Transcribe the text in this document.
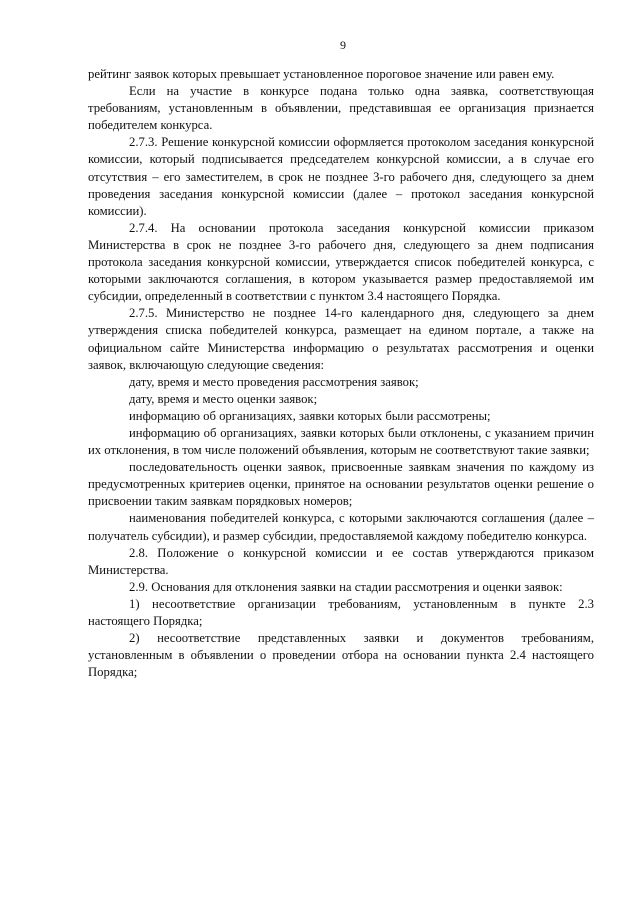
9

рейтинг заявок которых превышает установленное пороговое значение или равен ему.

Если на участие в конкурсе подана только одна заявка, соответствующая требованиям, установленным в объявлении, представившая ее организация признается победителем конкурса.

2.7.3. Решение конкурсной комиссии оформляется протоколом заседания конкурсной комиссии, который подписывается председателем конкурсной комиссии, а в случае его отсутствия – его заместителем, в срок не позднее 3-го рабочего дня, следующего за днем проведения заседания конкурсной комиссии (далее – протокол заседания конкурсной комиссии).

2.7.4. На основании протокола заседания конкурсной комиссии приказом Министерства в срок не позднее 3-го рабочего дня, следующего за днем подписания протокола заседания конкурсной комиссии, утверждается список победителей конкурса, с которыми заключаются соглашения, в котором указывается размер предоставляемой им субсидии, определенный в соответствии с пунктом 3.4 настоящего Порядка.

2.7.5. Министерство не позднее 14-го календарного дня, следующего за днем утверждения списка победителей конкурса, размещает на едином портале, а также на официальном сайте Министерства информацию о результатах рассмотрения и оценки заявок, включающую следующие сведения:

дату, время и место проведения рассмотрения заявок;

дату, время и место оценки заявок;

информацию об организациях, заявки которых были рассмотрены;

информацию об организациях, заявки которых были отклонены, с указанием причин их отклонения, в том числе положений объявления, которым не соответствуют такие заявки;

последовательность оценки заявок, присвоенные заявкам значения по каждому из предусмотренных критериев оценки, принятое на основании результатов оценки решение о присвоении таким заявкам порядковых номеров;

наименования победителей конкурса, с которыми заключаются соглашения (далее – получатель субсидии), и размер субсидии, предоставляемой каждому победителю конкурса.

2.8. Положение о конкурсной комиссии и ее состав утверждаются приказом Министерства.

2.9. Основания для отклонения заявки на стадии рассмотрения и оценки заявок:

1) несоответствие организации требованиям, установленным в пункте 2.3 настоящего Порядка;

2) несоответствие представленных заявки и документов требованиям, установленным в объявлении о проведении отбора на основании пункта 2.4 настоящего Порядка;
